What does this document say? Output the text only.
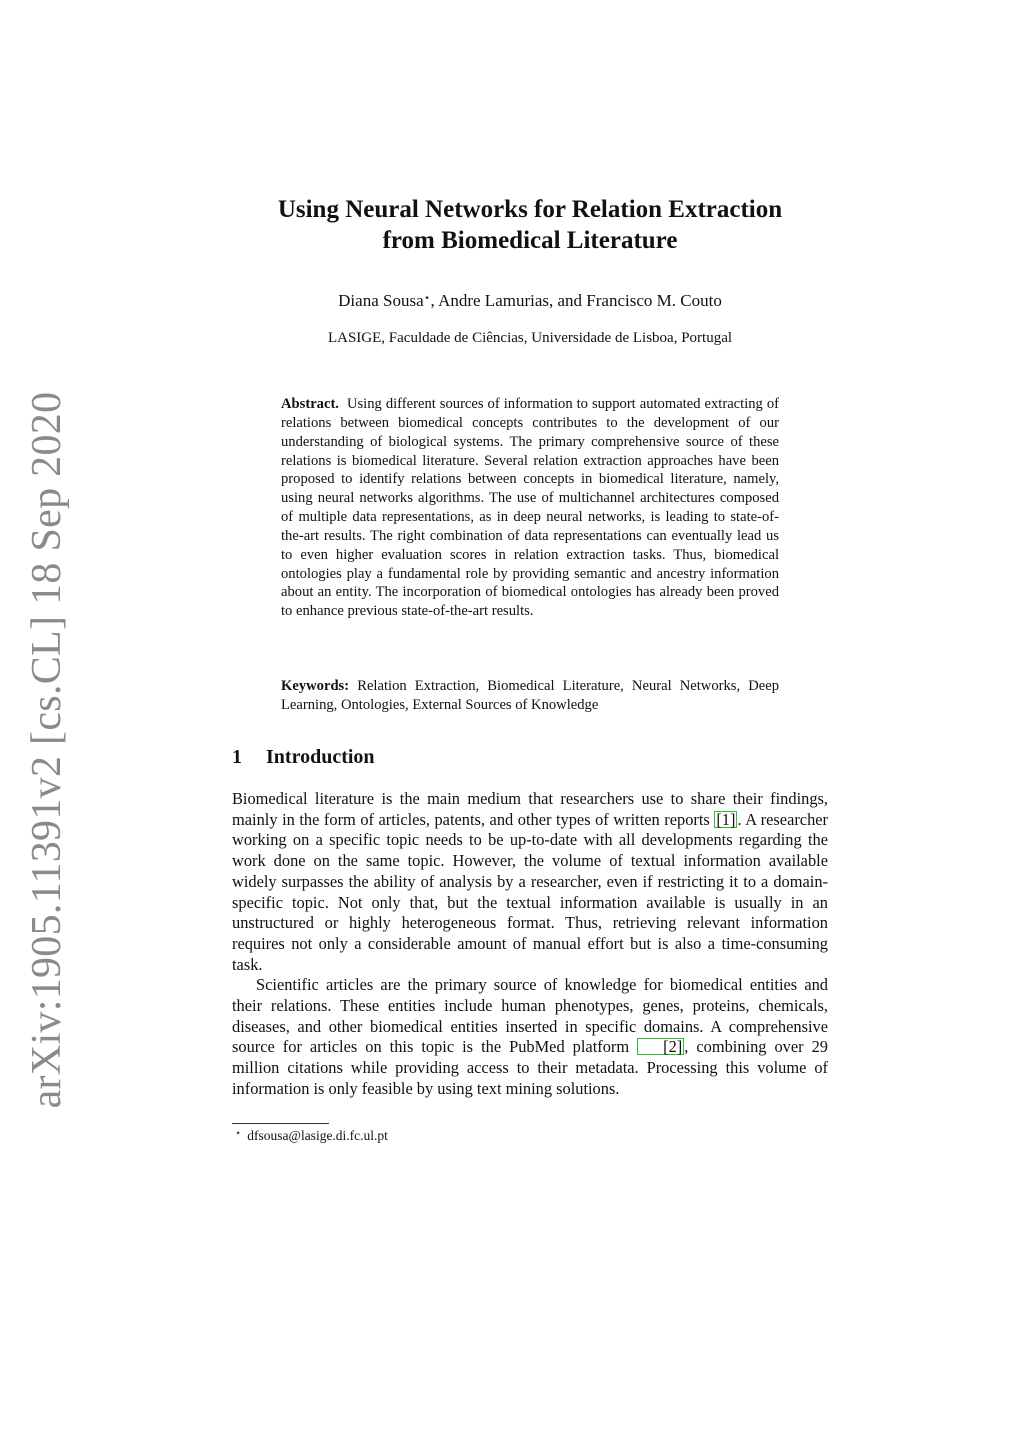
arXiv:1905.11391v2 [cs.CL] 18 Sep 2020
Using Neural Networks for Relation Extraction
from Biomedical Literature
Diana Sousa⋆, Andre Lamurias, and Francisco M. Couto
LASIGE, Faculdade de Ciências, Universidade de Lisboa, Portugal
Abstract. Using different sources of information to support automated extracting of relations between biomedical concepts contributes to the development of our understanding of biological systems. The primary comprehensive source of these relations is biomedical literature. Several relation extraction approaches have been proposed to identify relations between concepts in biomedical literature, namely, using neural networks algorithms. The use of multichannel architectures composed of multiple data representations, as in deep neural networks, is leading to state-of-the-art results. The right combination of data representations can eventually lead us to even higher evaluation scores in relation extraction tasks. Thus, biomedical ontologies play a fundamental role by providing semantic and ancestry information about an entity. The incorporation of biomedical ontologies has already been proved to enhance previous state-of-the-art results.
Keywords: Relation Extraction, Biomedical Literature, Neural Networks, Deep Learning, Ontologies, External Sources of Knowledge
1 Introduction

Biomedical literature is the main medium that researchers use to share their findings, mainly in the form of articles, patents, and other types of written reports [1] . A researcher working on a specific topic needs to be up-to-date with all developments regarding the work done on the same topic. However, the volume of textual information available widely surpasses the ability of analysis by a researcher, even if restricting it to a domain-specific topic. Not only that, but the textual information available is usually in an unstructured or highly heterogeneous format. Thus, retrieving relevant information requires not only a considerable amount of manual effort but is also a time-consuming task.

Scientific articles are the primary source of knowledge for biomedical entities and their relations. These entities include human phenotypes, genes, proteins, chemicals, diseases, and other biomedical entities inserted in specific domains. A comprehensive source for articles on this topic is the PubMed platform [2] , combining over 29 million citations while providing access to their metadata. Processing this volume of information is only feasible by using text mining solutions.

⋆ dfsousa@lasige.di.fc.ul.pt
